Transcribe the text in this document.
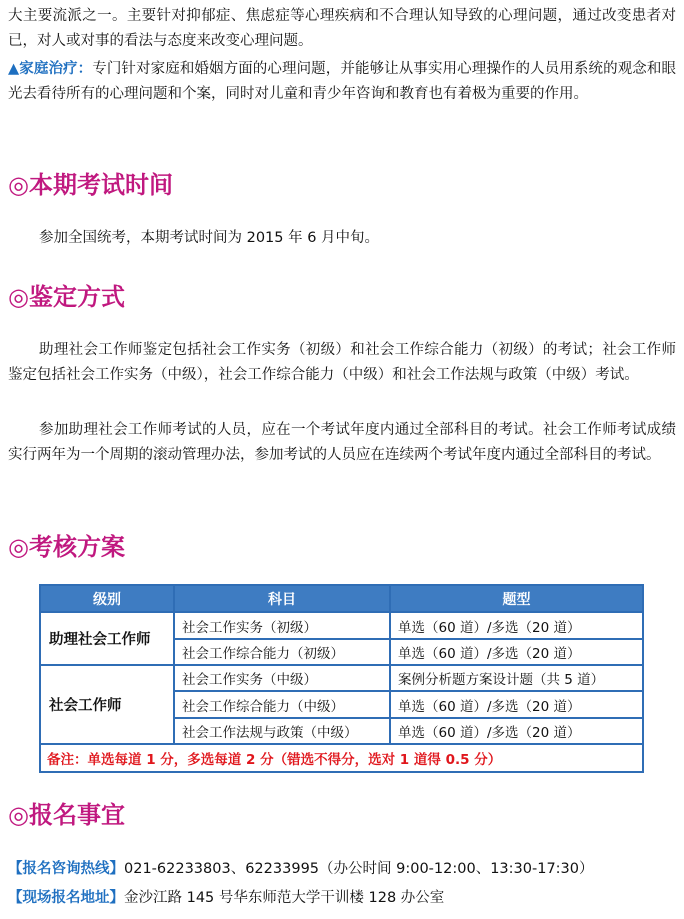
大主要流派之一。主要针对抑郁症、焦虑症等心理疾病和不合理认知导致的心理问题，通过改变患者对已，对人或对事的看法与态度来改变心理问题。
▲家庭治疗：专门针对家庭和婚姻方面的心理问题，并能够让从事实用心理操作的人员用系统的观念和眼光去看待所有的心理问题和个案，同时对儿童和青少年咨询和教育也有着极为重要的作用。
◎本期考试时间
参加全国统考，本期考试时间为 2015 年 6 月中旬。
◎鉴定方式
助理社会工作师鉴定包括社会工作实务（初级）和社会工作综合能力（初级）的考试；社会工作师鉴定包括社会工作实务（中级），社会工作综合能力（中级）和社会工作法规与政策（中级）考试。
参加助理社会工作师考试的人员，应在一个考试年度内通过全部科目的考试。社会工作师考试成绩实行两年为一个周期的滚动管理办法，参加考试的人员应在连续两个考试年度内通过全部科目的考试。
◎考核方案
级别	科目	题型
助理社会工作师
社会工作实务（初级）	单选（60 道）/多选（20 道）
社会工作综合能力（初级）	单选（60 道）/多选（20 道）
社会工作师
社会工作实务（中级）	案例分析题方案设计题（共 5 道）
社会工作综合能力（中级）	单选（60 道）/多选（20 道）
社会工作法规与政策（中级）	单选（60 道）/多选（20 道）
备注：单选每道 1 分，多选每道 2 分（错选不得分，选对 1 道得 0.5 分）
◎报名事宜
【报名咨询热线】021-62233803、62233995（办公时间 9:00-12:00、13:30-17:30）
【现场报名地址】金沙江路 145 号华东师范大学干训楼 128 办公室
